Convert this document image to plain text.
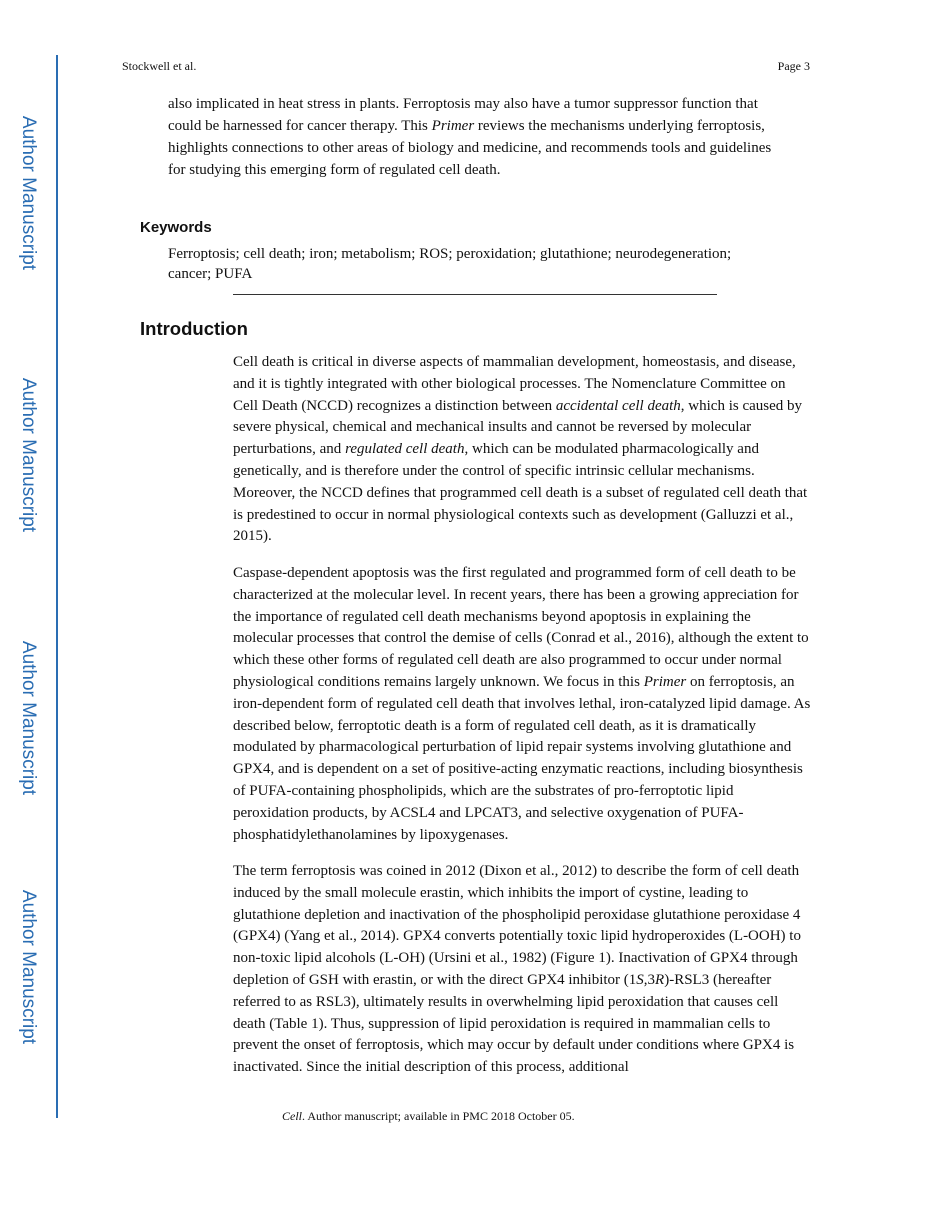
Author Manuscript
Author Manuscript
Author Manuscript
Author Manuscript
Stockwell et al.	Page 3

also implicated in heat stress in plants. Ferroptosis may also have a tumor suppressor function that could be harnessed for cancer therapy. This Primer reviews the mechanisms underlying ferroptosis, highlights connections to other areas of biology and medicine, and recommends tools and guidelines for studying this emerging form of regulated cell death.

Keywords

Ferroptosis; cell death; iron; metabolism; ROS; peroxidation; glutathione; neurodegeneration; cancer; PUFA

Introduction

Cell death is critical in diverse aspects of mammalian development, homeostasis, and disease, and it is tightly integrated with other biological processes. The Nomenclature Committee on Cell Death (NCCD) recognizes a distinction between accidental cell death, which is caused by severe physical, chemical and mechanical insults and cannot be reversed by molecular perturbations, and regulated cell death, which can be modulated pharmacologically and genetically, and is therefore under the control of specific intrinsic cellular mechanisms. Moreover, the NCCD defines that programmed cell death is a subset of regulated cell death that is predestined to occur in normal physiological contexts such as development (Galluzzi et al., 2015).

Caspase-dependent apoptosis was the first regulated and programmed form of cell death to be characterized at the molecular level. In recent years, there has been a growing appreciation for the importance of regulated cell death mechanisms beyond apoptosis in explaining the molecular processes that control the demise of cells (Conrad et al., 2016), although the extent to which these other forms of regulated cell death are also programmed to occur under normal physiological conditions remains largely unknown. We focus in this Primer on ferroptosis, an iron-dependent form of regulated cell death that involves lethal, iron-catalyzed lipid damage. As described below, ferroptotic death is a form of regulated cell death, as it is dramatically modulated by pharmacological perturbation of lipid repair systems involving glutathione and GPX4, and is dependent on a set of positive-acting enzymatic reactions, including biosynthesis of PUFA-containing phospholipids, which are the substrates of pro-ferroptotic lipid peroxidation products, by ACSL4 and LPCAT3, and selective oxygenation of PUFA-phosphatidylethanolamines by lipoxygenases.

The term ferroptosis was coined in 2012 (Dixon et al., 2012) to describe the form of cell death induced by the small molecule erastin, which inhibits the import of cystine, leading to glutathione depletion and inactivation of the phospholipid peroxidase glutathione peroxidase 4 (GPX4) (Yang et al., 2014). GPX4 converts potentially toxic lipid hydroperoxides (L-OOH) to non-toxic lipid alcohols (L-OH) (Ursini et al., 1982) (Figure 1). Inactivation of GPX4 through depletion of GSH with erastin, or with the direct GPX4 inhibitor (1S,3R)-RSL3 (hereafter referred to as RSL3), ultimately results in overwhelming lipid peroxidation that causes cell death (Table 1). Thus, suppression of lipid peroxidation is required in mammalian cells to prevent the onset of ferroptosis, which may occur by default under conditions where GPX4 is inactivated. Since the initial description of this process, additional

Cell. Author manuscript; available in PMC 2018 October 05.
